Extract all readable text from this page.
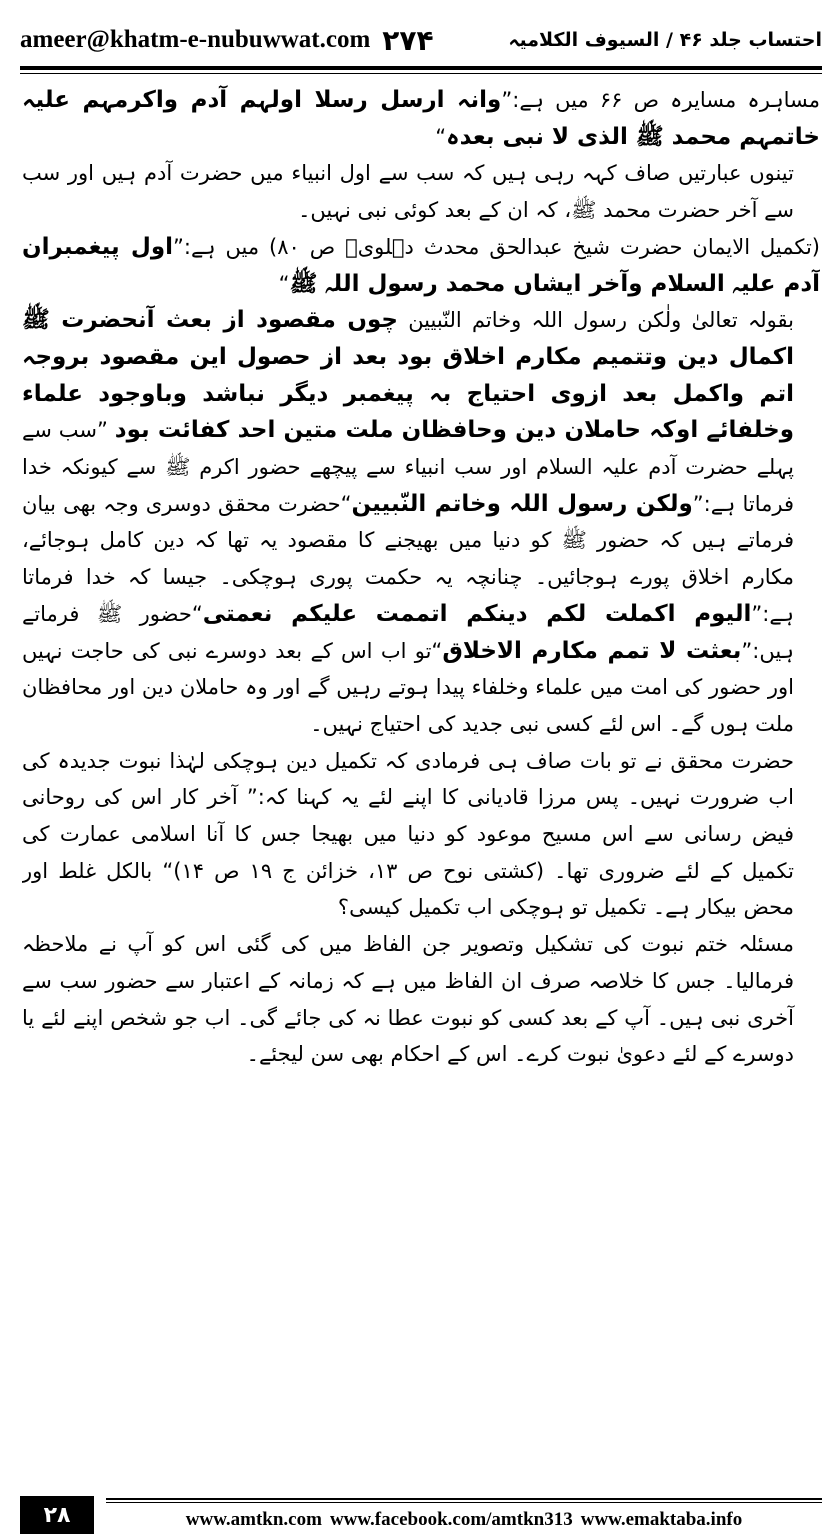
ameer@khatm-e-nubuwwat.com ۲۷۴	احتساب جلد ۴۶ / السیوف الکلامیہ

مساہرہ مسایرہ ص ۶۶ میں ہے:”وانہ ارسل رسلا اولہم آدم واکرمہم علیہ خاتمہم محمد ﷺ الذی لا نبی بعدہ“

تینوں عبارتیں صاف کہہ رہی ہیں کہ سب سے اول انبیاء میں حضرت آدم ہیں اور سب سے آخر حضرت محمد ﷺ، کہ ان کے بعد کوئی نبی نہیں۔

(تکمیل الایمان حضرت شیخ عبدالحق محدث دہلویؒ ص ۸۰) میں ہے:”اول پیغمبران آدم علیہ السلام وآخر ایشاں محمد رسول اللہ ﷺ“

بقولہ تعالیٰ ولٰکن رسول اللہ وخاتم النّبیین چوں مقصود از بعث آنحضرت ﷺ اکمال دین وتتمیم مکارم اخلاق بود بعد از حصول این مقصود بروجہ اتم واکمل بعد ازوی احتیاج بہ پیغمبر دیگر نباشد وباوجود علماء وخلفائے اوکہ حاملان دین وحافظان ملت متین احد کفائت بود ”سب سے پہلے حضرت آدم علیہ السلام اور سب انبیاء سے پیچھے حضور اکرم ﷺ سے کیونکہ خدا فرماتا ہے:”ولکن رسول اللہ وخاتم النّبیین“حضرت محقق دوسری وجہ بھی بیان فرماتے ہیں کہ حضور ﷺ کو دنیا میں بھیجنے کا مقصود یہ تھا کہ دین کامل ہوجائے، مکارم اخلاق پورے ہوجائیں۔ چنانچہ یہ حکمت پوری ہوچکی۔ جیسا کہ خدا فرماتا ہے:”الیوم اکملت لکم دینکم اتممت علیکم نعمتی“حضور ﷺ فرماتے ہیں:”بعثت لا تمم مکارم الاخلاق“تو اب اس کے بعد دوسرے نبی کی حاجت نہیں اور حضور کی امت میں علماء وخلفاء پیدا ہوتے رہیں گے اور وہ حاملان دین اور محافظان ملت ہوں گے۔ اس لئے کسی نبی جدید کی احتیاج نہیں۔

حضرت محقق نے تو بات صاف ہی فرمادی کہ تکمیل دین ہوچکی لہٰذا نبوت جدیدہ کی اب ضرورت نہیں۔ پس مرزا قادیانی کا اپنے لئے یہ کہنا کہ:” آخر کار اس کی روحانی فیض رسانی سے اس مسیح موعود کو دنیا میں بھیجا جس کا آنا اسلامی عمارت کی تکمیل کے لئے ضروری تھا۔ (کشتی نوح ص ۱۳، خزائن ج ۱۹ ص ۱۴)“ بالکل غلط اور محض بیکار ہے۔ تکمیل تو ہوچکی اب تکمیل کیسی؟

مسئلہ ختم نبوت کی تشکیل وتصویر جن الفاظ میں کی گئی اس کو آپ نے ملاحظہ فرمالیا۔ جس کا خلاصہ صرف ان الفاظ میں ہے کہ زمانہ کے اعتبار سے حضور سب سے آخری نبی ہیں۔ آپ کے بعد کسی کو نبوت عطا نہ کی جائے گی۔ اب جو شخص اپنے لئے یا دوسرے کے لئے دعویٰ نبوت کرے۔ اس کے احکام بھی سن لیجئے۔

۲۸	www.amtkn.com www.facebook.com/amtkn313 www.emaktaba.info
